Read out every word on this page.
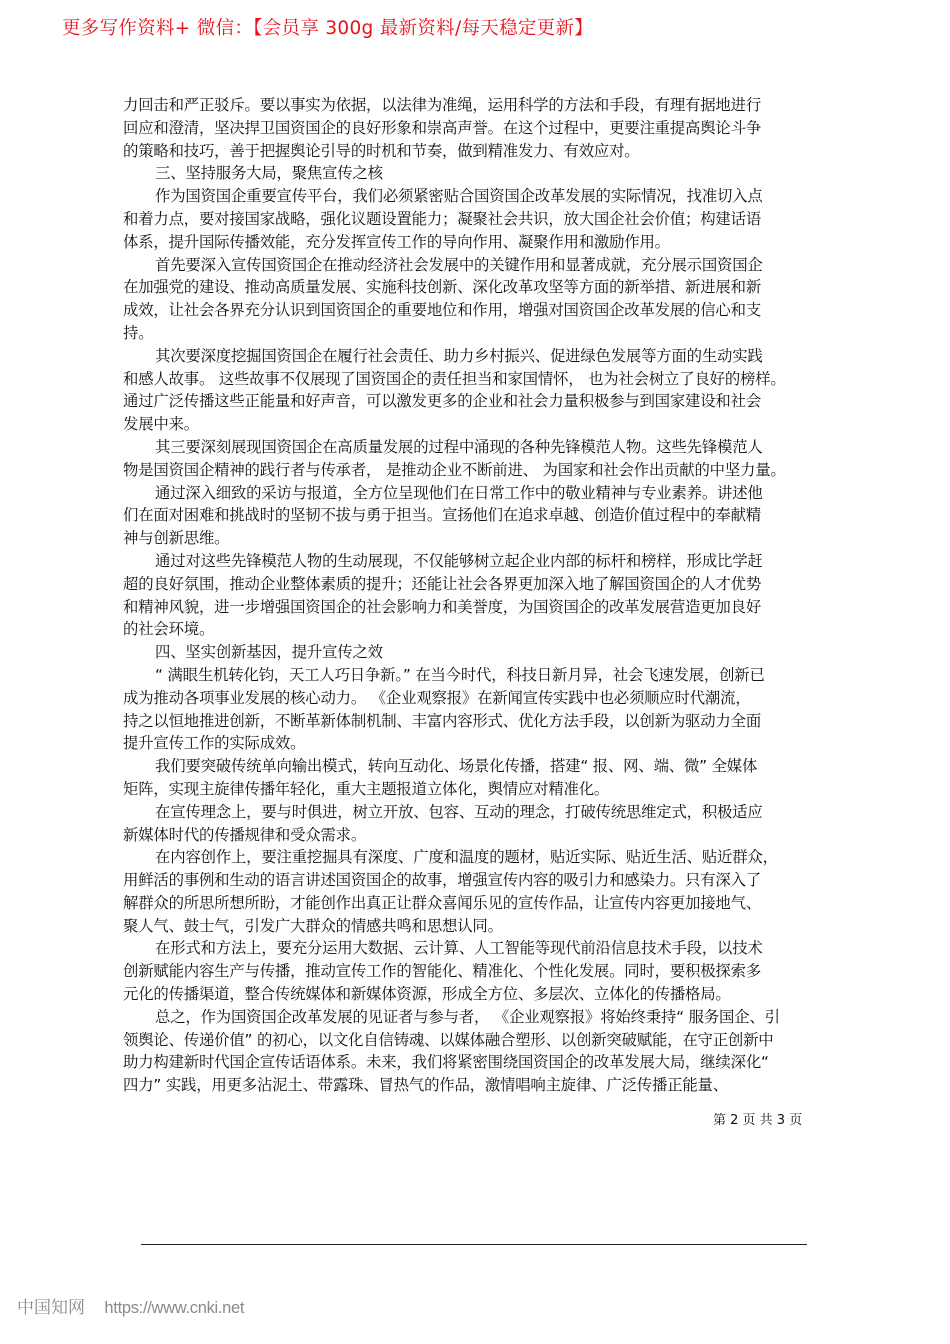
更多写作资料+ 微信：【会员享 300g 最新资料/每天稳定更新】
力回击和严正驳斥。要以事实为依据，以法律为准绳，运用科学的方法和手段，有理有据地进行
回应和澄清，坚决捍卫国资国企的良好形象和崇高声誉。在这个过程中，更要注重提高舆论斗争
的策略和技巧，善于把握舆论引导的时机和节奏，做到精准发力、有效应对。
三、坚持服务大局，聚焦宣传之核
作为国资国企重要宣传平台，我们必须紧密贴合国资国企改革发展的实际情况，找准切入点
和着力点，要对接国家战略，强化议题设置能力；凝聚社会共识，放大国企社会价值；构建话语
体系，提升国际传播效能，充分发挥宣传工作的导向作用、凝聚作用和激励作用。
首先要深入宣传国资国企在推动经济社会发展中的关键作用和显著成就，充分展示国资国企
在加强党的建设、推动高质量发展、实施科技创新、深化改革攻坚等方面的新举措、新进展和新
成效，让社会各界充分认识到国资国企的重要地位和作用，增强对国资国企改革发展的信心和支
持。
其次要深度挖掘国资国企在履行社会责任、助力乡村振兴、促进绿色发展等方面的生动实践
和感人故事。 这些故事不仅展现了国资国企的责任担当和家国情怀， 也为社会树立了良好的榜样。
通过广泛传播这些正能量和好声音，可以激发更多的企业和社会力量积极参与到国家建设和社会
发展中来。
其三要深刻展现国资国企在高质量发展的过程中涌现的各种先锋模范人物。这些先锋模范人
物是国资国企精神的践行者与传承者， 是推动企业不断前进、 为国家和社会作出贡献的中坚力量。
通过深入细致的采访与报道，全方位呈现他们在日常工作中的敬业精神与专业素养。讲述他
们在面对困难和挑战时的坚韧不拔与勇于担当。宣扬他们在追求卓越、创造价值过程中的奉献精
神与创新思维。
通过对这些先锋模范人物的生动展现，不仅能够树立起企业内部的标杆和榜样，形成比学赶
超的良好氛围，推动企业整体素质的提升；还能让社会各界更加深入地了解国资国企的人才优势
和精神风貌，进一步增强国资国企的社会影响力和美誉度，为国资国企的改革发展营造更加良好
的社会环境。
四、坚实创新基因，提升宣传之效
“ 满眼生机转化钧，天工人巧日争新。” 在当今时代，科技日新月异，社会飞速发展，创新已
成为推动各项事业发展的核心动力。 《企业观察报》在新闻宣传实践中也必须顺应时代潮流，
持之以恒地推进创新，不断革新体制机制、丰富内容形式、优化方法手段，以创新为驱动力全面
提升宣传工作的实际成效。
我们要突破传统单向输出模式，转向互动化、场景化传播，搭建“ 报、网、端、微” 全媒体
矩阵，实现主旋律传播年轻化，重大主题报道立体化，舆情应对精准化。
在宣传理念上，要与时俱进，树立开放、包容、互动的理念，打破传统思维定式，积极适应
新媒体时代的传播规律和受众需求。
在内容创作上，要注重挖掘具有深度、广度和温度的题材，贴近实际、贴近生活、贴近群众，
用鲜活的事例和生动的语言讲述国资国企的故事，增强宣传内容的吸引力和感染力。只有深入了
解群众的所思所想所盼，才能创作出真正让群众喜闻乐见的宣传作品，让宣传内容更加接地气、
聚人气、鼓士气，引发广大群众的情感共鸣和思想认同。
在形式和方法上，要充分运用大数据、云计算、人工智能等现代前沿信息技术手段，以技术
创新赋能内容生产与传播，推动宣传工作的智能化、精准化、个性化发展。同时，要积极探索多
元化的传播渠道，整合传统媒体和新媒体资源，形成全方位、多层次、立体化的传播格局。
总之，作为国资国企改革发展的见证者与参与者， 《企业观察报》将始终秉持“ 服务国企、引
领舆论、传递价值” 的初心，以文化自信铸魂、以媒体融合塑形、以创新突破赋能，在守正创新中
助力构建新时代国企宣传话语体系。未来，我们将紧密围绕国资国企的改革发展大局，继续深化“
四力” 实践，用更多沾泥土、带露珠、冒热气的作品，激情唱响主旋律、广泛传播正能量、
第 2 页 共 3 页
中国知网 https://www.cnki.net
